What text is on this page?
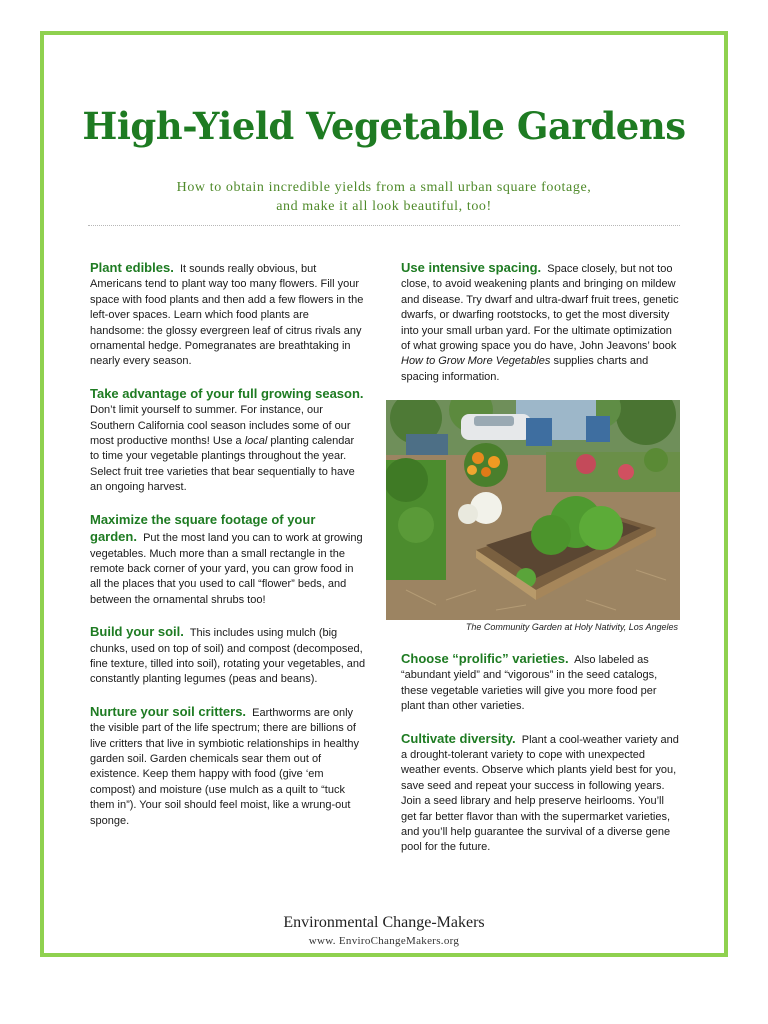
High-Yield Vegetable Gardens
How to obtain incredible yields from a small urban square footage,
and make it all look beautiful, too!

Plant edibles. It sounds really obvious, but Americans tend to plant way too many flowers. Fill your space with food plants and then add a few flowers in the left-over spaces. Learn which food plants are handsome: the glossy evergreen leaf of citrus rivals any ornamental hedge. Pomegranates are breathtaking in nearly every season.

Take advantage of your full growing season.
Don’t limit yourself to summer. For instance, our Southern California cool season includes some of our most productive months! Use a local planting calendar to time your vegetable plantings throughout the year. Select fruit tree varieties that bear sequentially to have an ongoing harvest.

Maximize the square footage of your garden. Put the most land you can to work at growing vegetables. Much more than a small rectangle in the remote back corner of your yard, you can grow food in all the places that you used to call “flower” beds, and between the ornamental shrubs too!

Build your soil. This includes using mulch (big chunks, used on top of soil) and compost (decomposed, fine texture, tilled into soil), rotating your vegetables, and constantly planting legumes (peas and beans).

Nurture your soil critters. Earthworms are only the visible part of the life spectrum; there are billions of live critters that live in symbiotic relationships in healthy garden soil. Garden chemicals sear them out of existence. Keep them happy with food (give ‘em compost) and moisture (use mulch as a quilt to “tuck them in”). Your soil should feel moist, like a wrung-out sponge.

Use intensive spacing. Space closely, but not too close, to avoid weakening plants and bringing on mildew and disease. Try dwarf and ultra-dwarf fruit trees, genetic dwarfs, or dwarfing rootstocks, to get the most diversity into your small urban yard. For the ultimate optimization of what growing space you do have, John Jeavons’ book How to Grow More Vegetables supplies charts and spacing information.

The Community Garden at Holy Nativity, Los Angeles

Choose “prolific” varieties. Also labeled as “abundant yield” and “vigorous” in the seed catalogs, these vegetable varieties will give you more food per plant than other varieties.

Cultivate diversity. Plant a cool-weather variety and a drought-tolerant variety to cope with unexpected weather events. Observe which plants yield best for you, save seed and repeat your success in following years. Join a seed library and help preserve heirlooms. You’ll get far better flavor than with the supermarket varieties, and you’ll help guarantee the survival of a diverse gene pool for the future.

Environmental Change-Makers
www. EnviroChangeMakers.org
